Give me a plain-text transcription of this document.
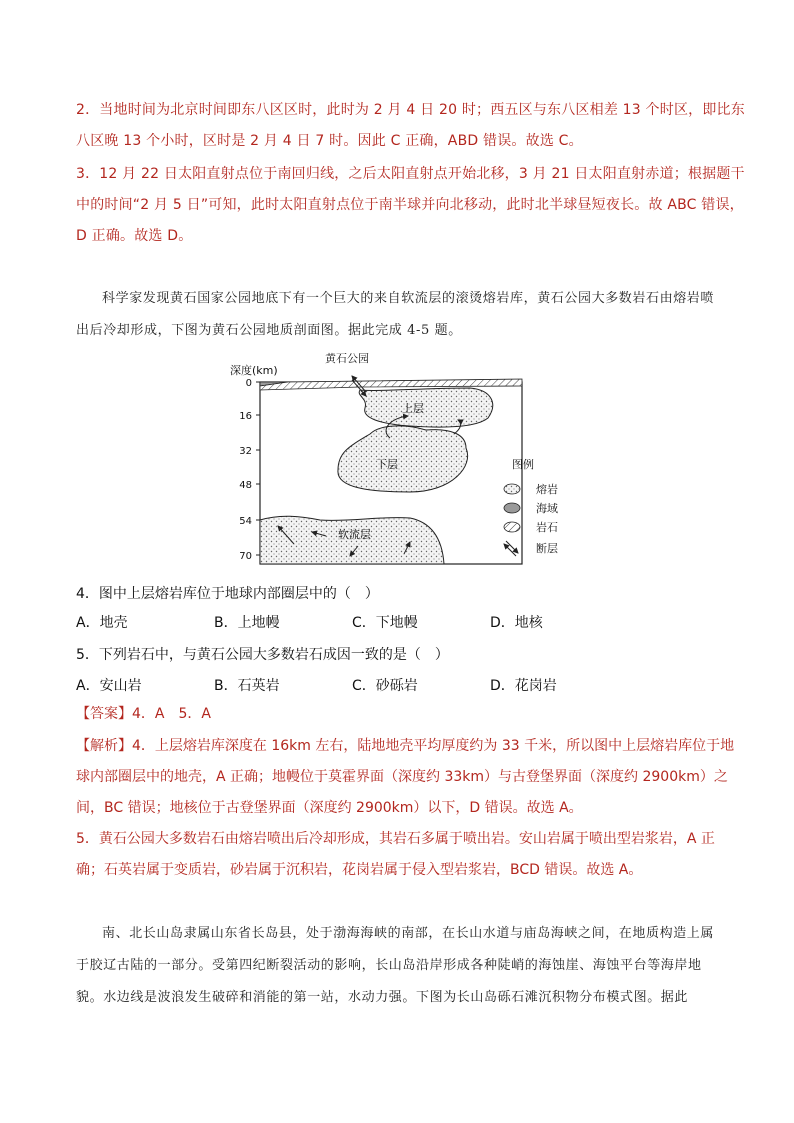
2．当地时间为北京时间即东八区区时，此时为 2 月 4 日 20 时；西五区与东八区相差 13 个时区，即比东
八区晚 13 个小时，区时是 2 月 4 日 7 时。因此 C 正确，ABD 错误。故选 C。
3．12 月 22 日太阳直射点位于南回归线，之后太阳直射点开始北移，3 月 21 日太阳直射赤道；根据题干
中的时间“2 月 5 日”可知，此时太阳直射点位于南半球并向北移动，此时北半球昼短夜长。故 ABC 错误，
D 正确。故选 D。
科学家发现黄石国家公园地底下有一个巨大的来自软流层的滚烫熔岩库，黄石公园大多数岩石由熔岩喷出后冷却形成，下图为黄石公园地质剖面图。据此完成 4-5 题。
黄石公园
深度(km)
0
16
32
48
54
70
上层
下层
软流层
图例
熔岩
海域
岩石
断层
4．图中上层熔岩库位于地球内部圈层中的（　）
A．地壳	B．上地幔	C．下地幔	D．地核
5．下列岩石中，与黄石公园大多数岩石成因一致的是（　）
A．安山岩	B．石英岩	C．砂砾岩	D．花岗岩
【答案】4．A　5．A
【解析】4．上层熔岩库深度在 16km 左右，陆地地壳平均厚度约为 33 千米，所以图中上层熔岩库位于地
球内部圈层中的地壳，A 正确；地幔位于莫霍界面（深度约 33km）与古登堡界面（深度约 2900km）之
间，BC 错误；地核位于古登堡界面（深度约 2900km）以下，D 错误。故选 A。
5．黄石公园大多数岩石由熔岩喷出后冷却形成，其岩石多属于喷出岩。安山岩属于喷出型岩浆岩，A 正
确；石英岩属于变质岩，砂岩属于沉积岩，花岗岩属于侵入型岩浆岩，BCD 错误。故选 A。
南、北长山岛隶属山东省长岛县，处于渤海海峡的南部，在长山水道与庙岛海峡之间，在地质构造上属于胶辽古陆的一部分。受第四纪断裂活动的影响，长山岛沿岸形成各种陡峭的海蚀崖、海蚀平台等海岸地貌。水边线是波浪发生破碎和消能的第一站，水动力强。下图为长山岛砾石滩沉积物分布模式图。据此
